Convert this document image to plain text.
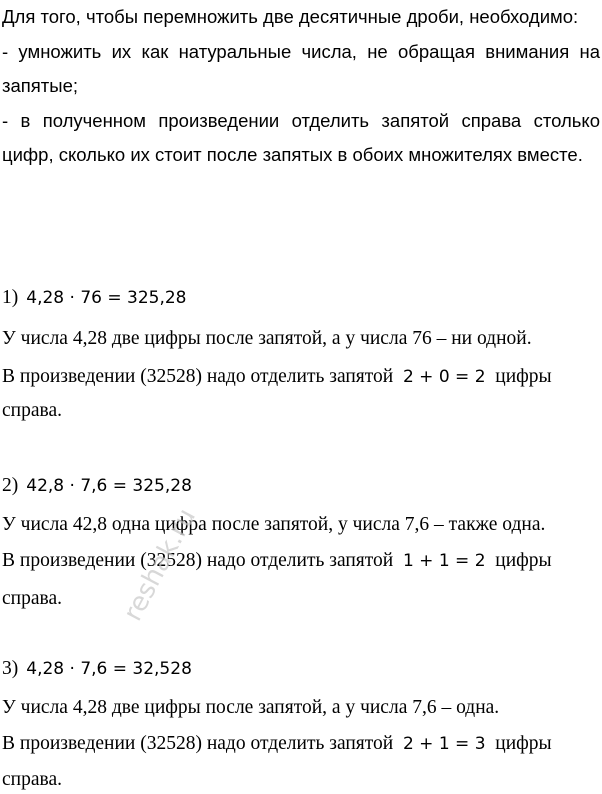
Для того, чтобы перемножить две десятичные дроби, необходимо:

- умножить их как натуральные числа, не обращая внимания на запятые;

- в полученном произведении отделить запятой справа столько цифр, сколько их стоит после запятых в обоих множителях вместе.

1) 4,28 · 76 = 325,28
У числа 4,28 две цифры после запятой, а у числа 76 – ни одной.
В произведении (32528) надо отделить запятой 2 + 0 = 2 цифры
справа.
2) 42,8 · 7,6 = 325,28
У числа 42,8 одна цифра после запятой, у числа 7,6 – также одна.
В произведении (32528) надо отделить запятой 1 + 1 = 2 цифры
справа.
3) 4,28 · 7,6 = 32,528
У числа 4,28 две цифры после запятой, а у числа 7,6 – одна.
В произведении (32528) надо отделить запятой 2 + 1 = 3 цифры
справа.
reshak.ru
